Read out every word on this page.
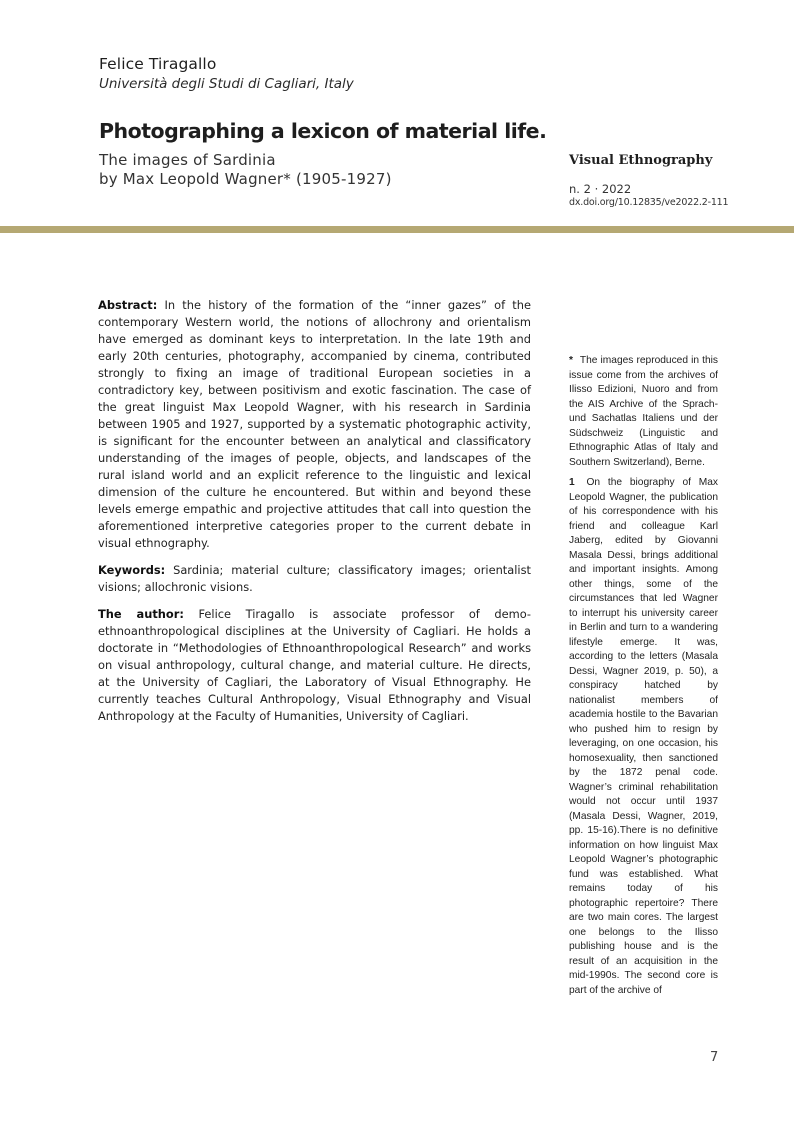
Felice Tiragallo
Università degli Studi di Cagliari, Italy
Photographing a lexicon of material life.
The images of Sardinia
by Max Leopold Wagner* (1905-1927)
Visual Ethnography
n. 2 · 2022
dx.doi.org/10.12835/ve2022.2-111

Abstract: In the history of the formation of the “inner gazes” of the contemporary Western world, the notions of allochrony and orientalism have emerged as dominant keys to interpretation. In the late 19th and early 20th centuries, photography, accompanied by cinema, contributed strongly to fixing an image of traditional European societies in a contradictory key, between positivism and exotic fascination. The case of the great linguist Max Leopold Wagner, with his research in Sardinia between 1905 and 1927, supported by a systematic photographic activity, is significant for the encounter between an analytical and classificatory understanding of the images of people, objects, and landscapes of the rural island world and an explicit reference to the linguistic and lexical dimension of the culture he encountered. But within and beyond these levels emerge empathic and projective attitudes that call into question the aforementioned interpretive categories proper to the current debate in visual ethnography.

Keywords: Sardinia; material culture; classificatory images; orientalist visions; allochronic visions.

The author: Felice Tiragallo is associate professor of demo-ethnoanthropological disciplines at the University of Cagliari. He holds a doctorate in “Methodologies of Ethnoanthropological Research” and works on visual anthropology, cultural change, and material culture. He directs, at the University of Cagliari, the Laboratory of Visual Ethnography. He currently teaches Cultural Anthropology, Visual Ethnography and Visual Anthropology at the Faculty of Humanities, University of Cagliari.

* The images reproduced in this issue come from the archives of Ilisso Edizioni, Nuoro and from the AIS Archive of the Sprach-und Sachatlas Italiens und der Südschweiz (Linguistic and Ethnographic Atlas of Italy and Southern Switzerland), Berne.

1 On the biography of Max Leopold Wagner, the publication of his correspondence with his friend and colleague Karl Jaberg, edited by Giovanni Masala Dessi, brings additional and important insights. Among other things, some of the circumstances that led Wagner to interrupt his university career in Berlin and turn to a wandering lifestyle emerge. It was, according to the letters (Masala Dessi, Wagner 2019, p. 50), a conspiracy hatched by nationalist members of academia hostile to the Bavarian who pushed him to resign by leveraging, on one occasion, his homosexuality, then sanctioned by the 1872 penal code. Wagner’s criminal rehabilitation would not occur until 1937 (Masala Dessi, Wagner, 2019, pp. 15-16).There is no definitive information on how linguist Max Leopold Wagner’s photographic fund was established. What remains today of his photographic repertoire? There are two main cores. The largest one belongs to the Ilisso publishing house and is the result of an acquisition in the mid-1990s. The second core is part of the archive of

7
